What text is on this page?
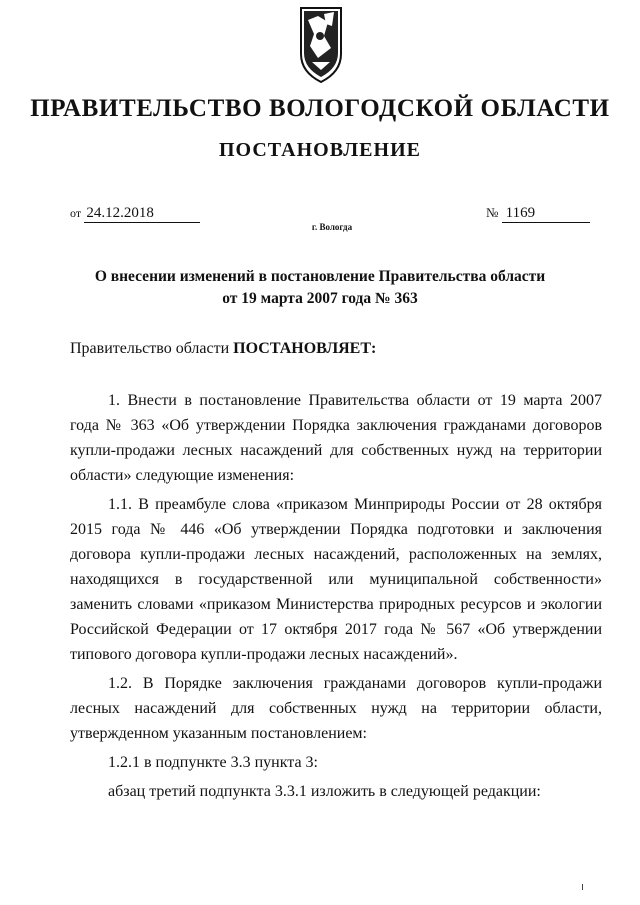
ПРАВИТЕЛЬСТВО ВОЛОГОДСКОЙ ОБЛАСТИ
ПОСТАНОВЛЕНИЕ
от 24.12.2018	№ 1169
г. Вологда
О внесении изменений в постановление Правительства области
от 19 марта 2007 года № 363
Правительство области ПОСТАНОВЛЯЕТ:

1. Внести в постановление Правительства области от 19 марта 2007 года № 363 «Об утверждении Порядка заключения гражданами договоров купли-продажи лесных насаждений для собственных нужд на территории области» следующие изменения:

1.1. В преамбуле слова «приказом Минприроды России от 28 октября 2015 года № 446 «Об утверждении Порядка подготовки и заключения договора купли-продажи лесных насаждений, расположенных на землях, находящихся в государственной или муниципальной собственности» заменить словами «приказом Министерства природных ресурсов и экологии Российской Федерации от 17 октября 2017 года № 567 «Об утверждении типового договора купли-продажи лесных насаждений».

1.2. В Порядке заключения гражданами договоров купли-продажи лесных насаждений для собственных нужд на территории области, утвержденном указанным постановлением:

1.2.1 в подпункте 3.3 пункта 3:

абзац третий подпункта 3.3.1 изложить в следующей редакции:
